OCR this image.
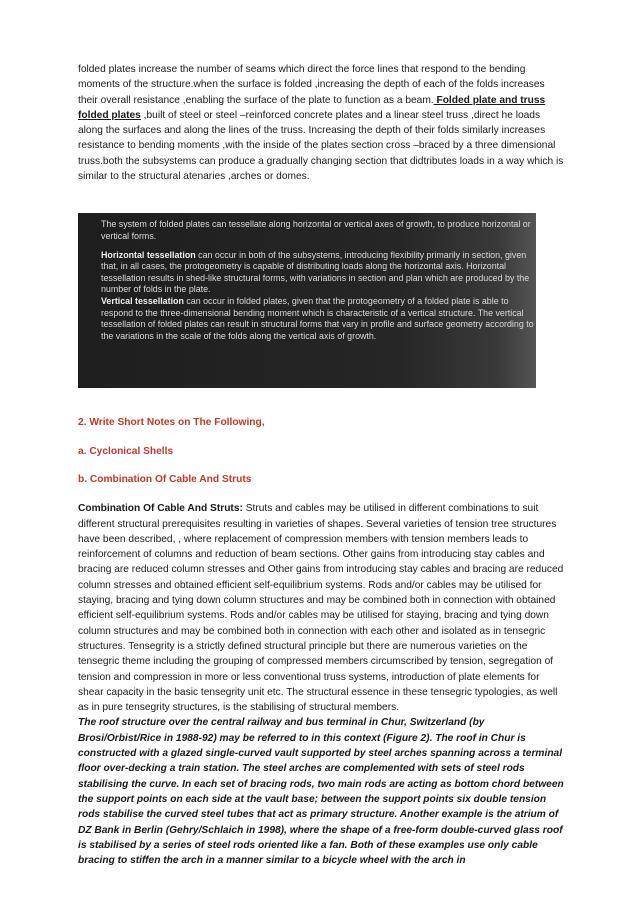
folded plates increase the number of seams which direct the force lines that respond to the bending moments of the structure.when the surface is folded ,increasing the depth of each of the folds increases their overall resistance ,enabling the surface of the plate to function as a beam. Folded plate and truss folded plates ,built of steel or steel –reinforced concrete plates and a linear steel truss ,direct he loads along the surfaces and along the lines of the truss. Increasing the depth of their folds similarly increases resistance to bending moments ,with the inside of the plates section cross –braced by a three dimensional truss.both the subsystems can produce a gradually changing section that didtributes loads in a way which is similar to the structural atenaries ,arches or domes.

The system of folded plates can tessellate along horizontal or vertical axes of growth, to produce horizontal or vertical forms.

Horizontal tessellation can occur in both of the subsystems, introducing flexibility primarily in section, given that, in all cases, the protogeometry is capable of distributing loads along the horizontal axis. Horizontal tessellation results in shed-like structural forms, with variations in section and plan which are produced by the number of folds in the plate.

Vertical tessellation can occur in folded plates, given that the protogeometry of a folded plate is able to respond to the three-dimensional bending moment which is characteristic of a vertical structure. The vertical tessellation of folded plates can result in structural forms that vary in profile and surface geometry according to the variations in the scale of the folds along the vertical axis of growth.

2. Write Short Notes on The Following,

a. Cyclonical Shells

b. Combination Of Cable And Struts

Combination Of Cable And Struts: Struts and cables may be utilised in different combinations to suit different structural prerequisites resulting in varieties of shapes. Several varieties of tension tree structures have been described, , where replacement of compression members with tension members leads to reinforcement of columns and reduction of beam sections. Other gains from introducing stay cables and bracing are reduced column stresses and Other gains from introducing stay cables and bracing are reduced column stresses and obtained efficient self-equilibrium systems. Rods and/or cables may be utilised for staying, bracing and tying down column structures and may be combined both in connection with obtained efficient self-equilibrium systems. Rods and/or cables may be utilised for staying, bracing and tying down column structures and may be combined both in connection with each other and isolated as in tensegric structures. Tensegrity is a strictly defined structural principle but there are numerous varieties on the tensegric theme including the grouping of compressed members circumscribed by tension, segregation of tension and compression in more or less conventional truss systems, introduction of plate elements for shear capacity in the basic tensegrity unit etc. The structural essence in these tensegric typologies, as well as in pure tensegrity structures, is the stabilising of structural members.

The roof structure over the central railway and bus terminal in Chur, Switzerland (by Brosi/Orbist/Rice in 1988-92) may be referred to in this context (Figure 2). The roof in Chur is constructed with a glazed single-curved vault supported by steel arches spanning across a terminal floor over-decking a train station. The steel arches are complemented with sets of steel rods stabilising the curve. In each set of bracing rods, two main rods are acting as bottom chord between the support points on each side at the vault base; between the support points six double tension rods stabilise the curved steel tubes that act as primary structure. Another example is the atrium of DZ Bank in Berlin (Gehry/Schlaich in 1998), where the shape of a free-form double-curved glass roof is stabilised by a series of steel rods oriented like a fan. Both of these examples use only cable bracing to stiffen the arch in a manner similar to a bicycle wheel with the arch in
